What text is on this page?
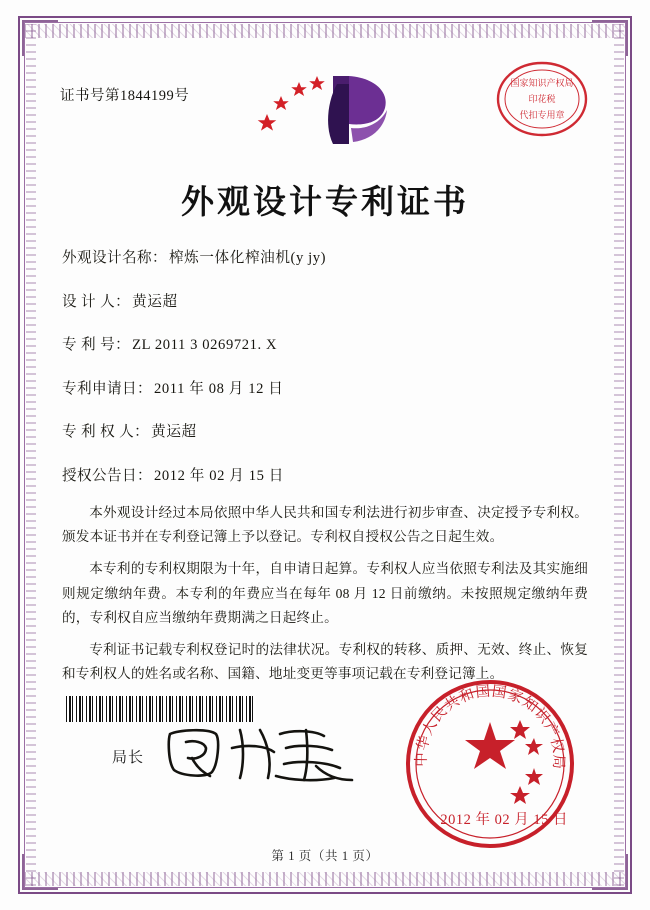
证书号第1844199号
国家知识产权局
印花税
代扣专用章
外观设计专利证书
外观设计名称： 榨炼一体化榨油机(y jy)
设 计 人： 黄运超
专 利 号： ZL 2011 3 0269721. X
专利申请日： 2011 年 08 月 12 日
专 利 权 人： 黄运超
授权公告日： 2012 年 02 月 15 日

本外观设计经过本局依照中华人民共和国专利法进行初步审查、决定授予专利权。颁发本证书并在专利登记簿上予以登记。专利权自授权公告之日起生效。

本专利的专利权期限为十年，自申请日起算。专利权人应当依照专利法及其实施细则规定缴纳年费。本专利的年费应当在每年 08 月 12 日前缴纳。未按照规定缴纳年费的，专利权自应当缴纳年费期满之日起终止。

专利证书记载专利权登记时的法律状况。专利权的转移、质押、无效、终止、恢复和专利权人的姓名或名称、国籍、地址变更等事项记载在专利登记簿上。

局长	中华人民共和国国家知识产权局
2012 年 02 月 15 日
第 1 页（共 1 页）
